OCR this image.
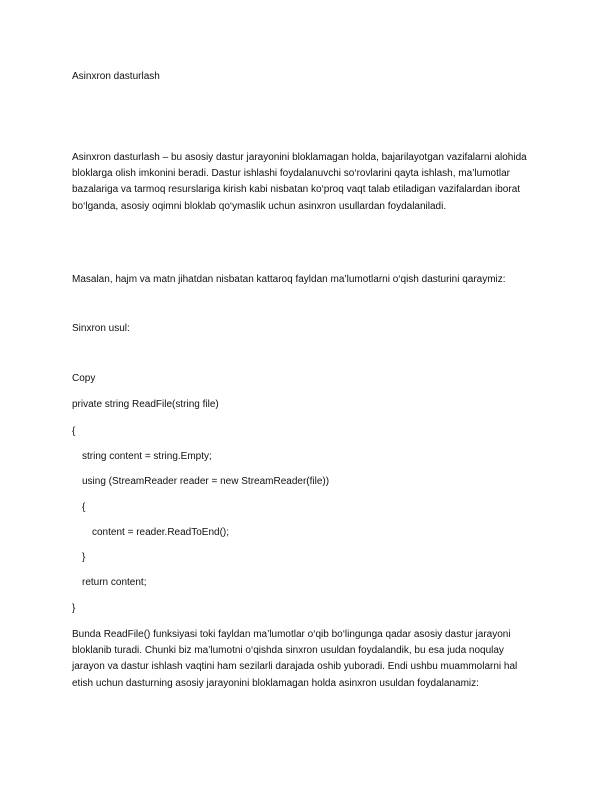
Asinxron dasturlash

Asinxron dasturlash – bu asosiy dastur jarayonini bloklamagan holda, bajarilayotgan vazifalarni alohida

bloklarga olish imkonini beradi. Dastur ishlashi foydalanuvchi so‘rovlarini qayta ishlash, ma’lumotlar

bazalariga va tarmoq resurslariga kirish kabi nisbatan ko‘proq vaqt talab etiladigan vazifalardan iborat

bo‘lganda, asosiy oqimni bloklab qo‘ymaslik uchun asinxron usullardan foydalaniladi.

Masalan, hajm va matn jihatdan nisbatan kattaroq fayldan ma’lumotlarni o‘qish dasturini qaraymiz:
Sinxron usul:
Copy
private string ReadFile(string file)
{
string content = string.Empty;
using (StreamReader reader = new StreamReader(file))
{
content = reader.ReadToEnd();
}
return content;
}

Bunda ReadFile() funksiyasi toki fayldan ma’lumotlar o‘qib bo‘lingunga qadar asosiy dastur jarayoni

bloklanib turadi. Chunki biz ma’lumotni o‘qishda sinxron usuldan foydalandik, bu esa juda noqulay

jarayon va dastur ishlash vaqtini ham sezilarli darajada oshib yuboradi. Endi ushbu muammolarni hal

etish uchun dasturning asosiy jarayonini bloklamagan holda asinxron usuldan foydalanamiz:
